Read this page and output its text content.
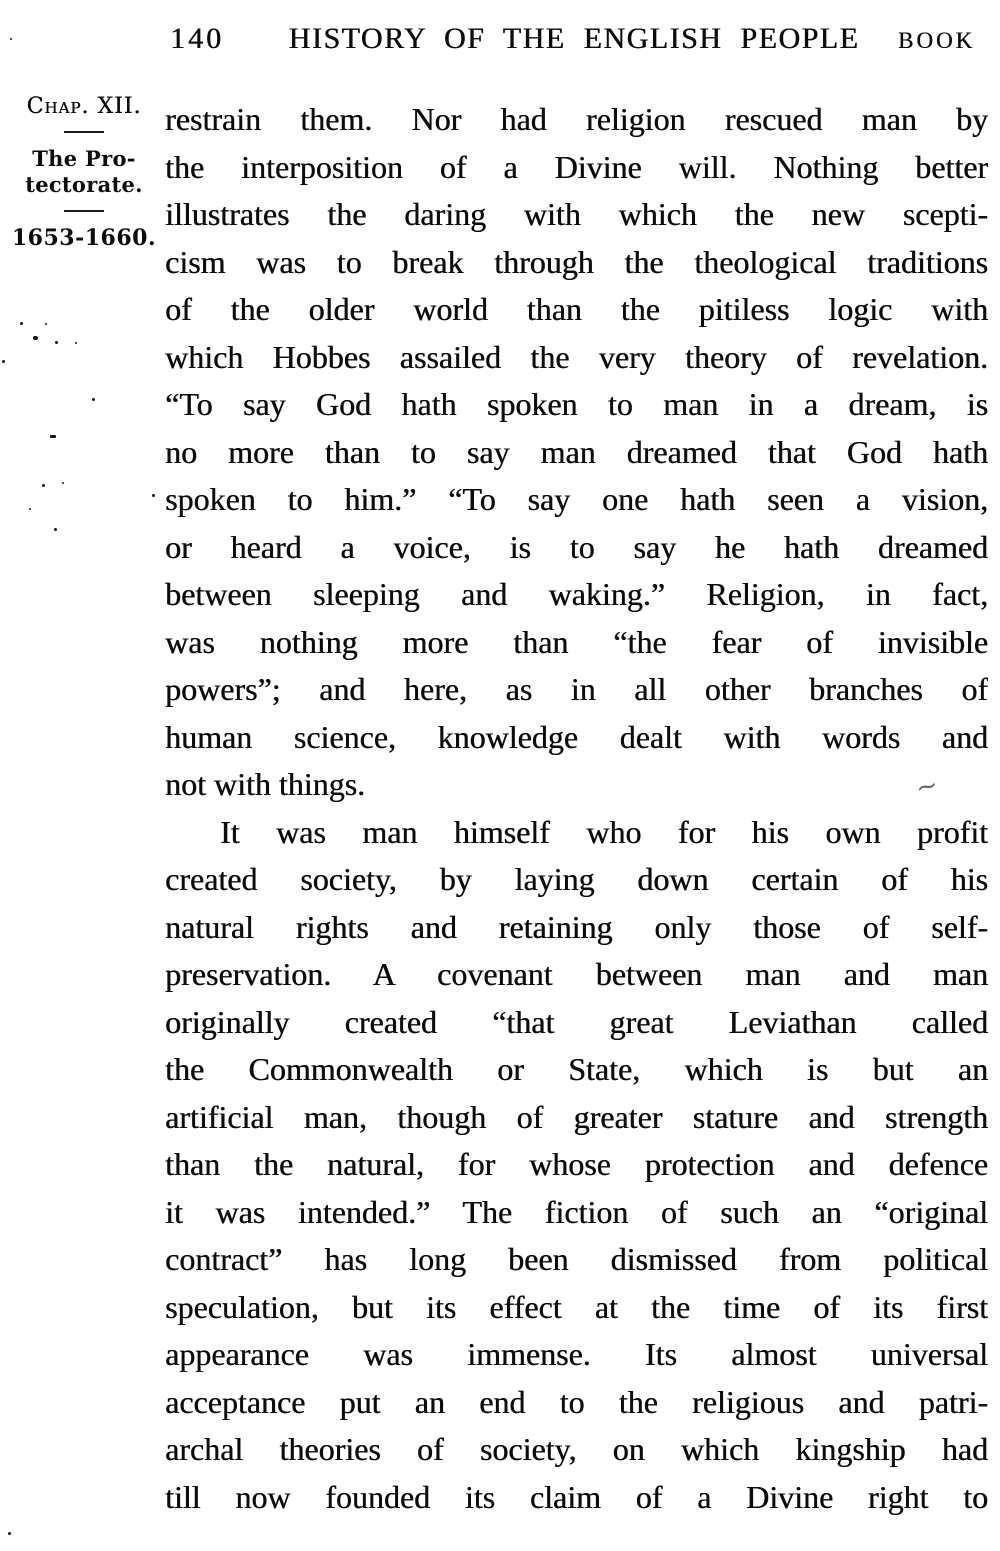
140	HISTORY OF THE ENGLISH PEOPLE	BOOK
Chap. XII.
The Pro-
tectorate.
1653-1660.
restrain them. Nor had religion rescued man by
the interposition of a Divine will. Nothing better
illustrates the daring with which the new scepti-
cism was to break through the theological traditions
of the older world than the pitiless logic with
which Hobbes assailed the very theory of revelation.
“To say God hath spoken to man in a dream, is
no more than to say man dreamed that God hath
spoken to him.” “To say one hath seen a vision,
or heard a voice, is to say he hath dreamed
between sleeping and waking.” Religion, in fact,
was nothing more than “the fear of invisible
powers”; and here, as in all other branches of
human science, knowledge dealt with words and
not with things.
It was man himself who for his own profit
created society, by laying down certain of his
natural rights and retaining only those of self-
preservation. A covenant between man and man
originally created “that great Leviathan called
the Commonwealth or State, which is but an
artificial man, though of greater stature and strength
than the natural, for whose protection and defence
it was intended.” The fiction of such an “original
contract” has long been dismissed from political
speculation, but its effect at the time of its first
appearance was immense. Its almost universal
acceptance put an end to the religious and patri-
archal theories of society, on which kingship had
till now founded its claim of a Divine right to
~
